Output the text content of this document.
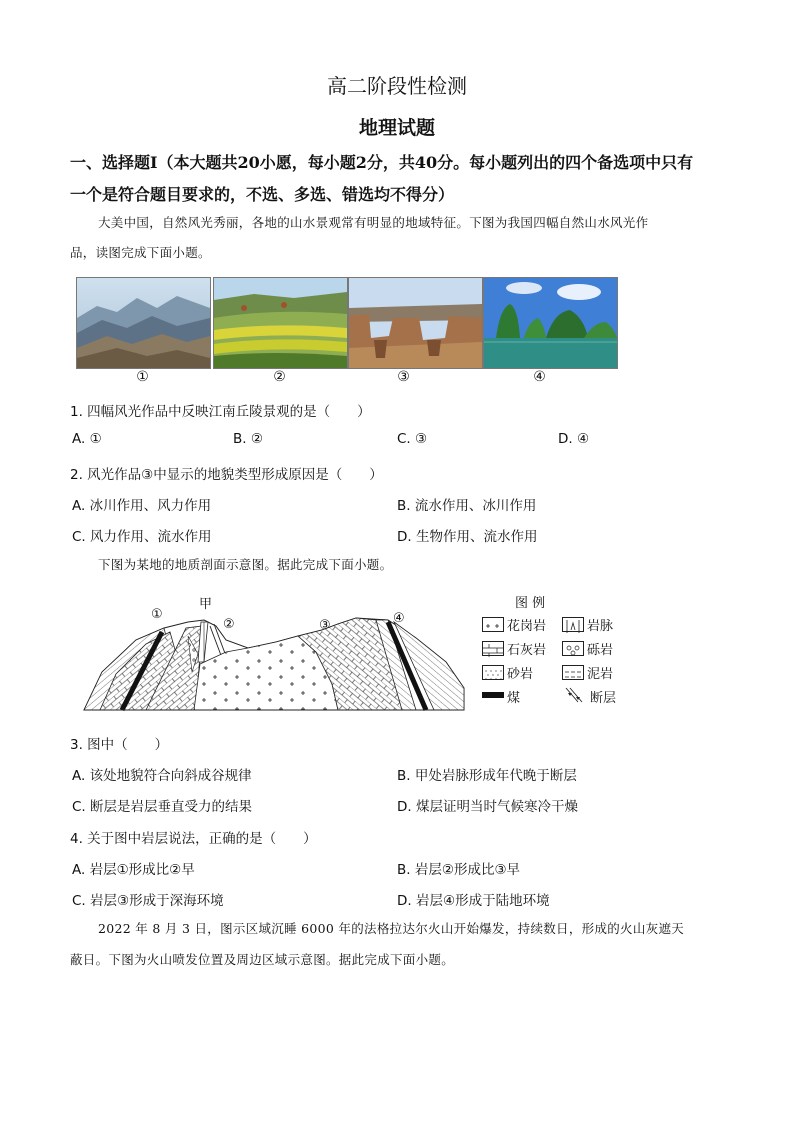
高二阶段性检测
地理试题
一、选择题Ⅰ（本大题共20小愿，每小题2分，共40分。每小题列出的四个备选项中只有
一个是符合题目要求的，不选、多选、错选均不得分）
大美中国，自然风光秀丽，各地的山水景观常有明显的地域特征。下图为我国四幅自然山水风光作
品，读图完成下面小题。
①	②	③	④
1. 四幅风光作品中反映江南丘陵景观的是（　　）
A. ①	B. ②	C. ③	D. ④
2. 风光作品③中显示的地貌类型形成原因是（　　）
A. 冰川作用、风力作用	B. 流水作用、冰川作用
C. 风力作用、流水作用	D. 生物作用、流水作用
下图为某地的地质剖面示意图。据此完成下面小题。
①
甲
②	③	④
图 例
花岗岩	岩脉
石灰岩	砾岩
砂岩	泥岩
煤	断层
3. 图中（　　）
A. 该处地貌符合向斜成谷规律	B. 甲处岩脉形成年代晚于断层
C. 断层是岩层垂直受力的结果	D. 煤层证明当时气候寒冷干燥
4. 关于图中岩层说法，正确的是（　　）
A. 岩层①形成比②早	B. 岩层②形成比③早
C. 岩层③形成于深海环境	D. 岩层④形成于陆地环境
2022 年 8 月 3 日，图示区域沉睡 6000 年的法格拉达尔火山开始爆发，持续数日，形成的火山灰遮天
蔽日。下图为火山喷发位置及周边区域示意图。据此完成下面小题。
